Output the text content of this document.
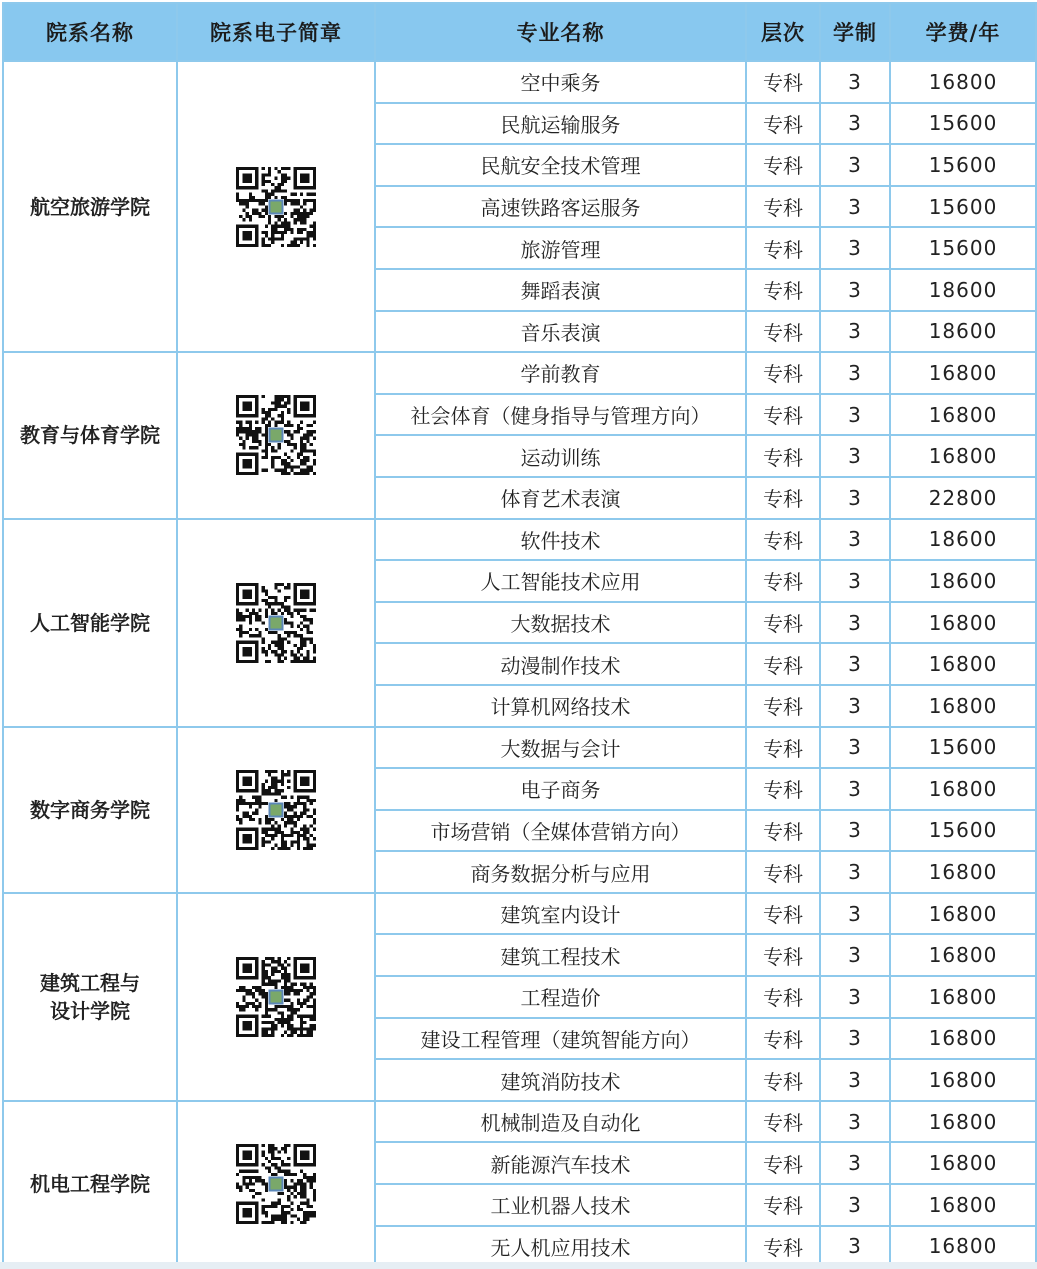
院系名称	院系电子简章	专业名称	层次	学制	学费/年

航空旅游学院		空中乘务	专科	3	16800
		民航运输服务	专科	3	15600
		民航安全技术管理	专科	3	15600
		高速铁路客运服务	专科	3	15600
		旅游管理	专科	3	15600
		舞蹈表演	专科	3	18600
		音乐表演	专科	3	18600

教育与体育学院		学前教育	专科	3	16800
		社会体育（健身指导与管理方向）	专科	3	16800
		运动训练	专科	3	16800
		体育艺术表演	专科	3	22800

人工智能学院		软件技术	专科	3	18600
		人工智能技术应用	专科	3	18600
		大数据技术	专科	3	16800
		动漫制作技术	专科	3	16800
		计算机网络技术	专科	3	16800

数字商务学院		大数据与会计	专科	3	15600
		电子商务	专科	3	16800
		市场营销（全媒体营销方向）	专科	3	15600
		商务数据分析与应用	专科	3	16800

建筑工程与
设计学院		建筑室内设计	专科	3	16800
		建筑工程技术	专科	3	16800
		工程造价	专科	3	16800
		建设工程管理（建筑智能方向）	专科	3	16800
		建筑消防技术	专科	3	16800

机电工程学院		机械制造及自动化	专科	3	16800
		新能源汽车技术	专科	3	16800
		工业机器人技术	专科	3	16800
		无人机应用技术	专科	3	16800
